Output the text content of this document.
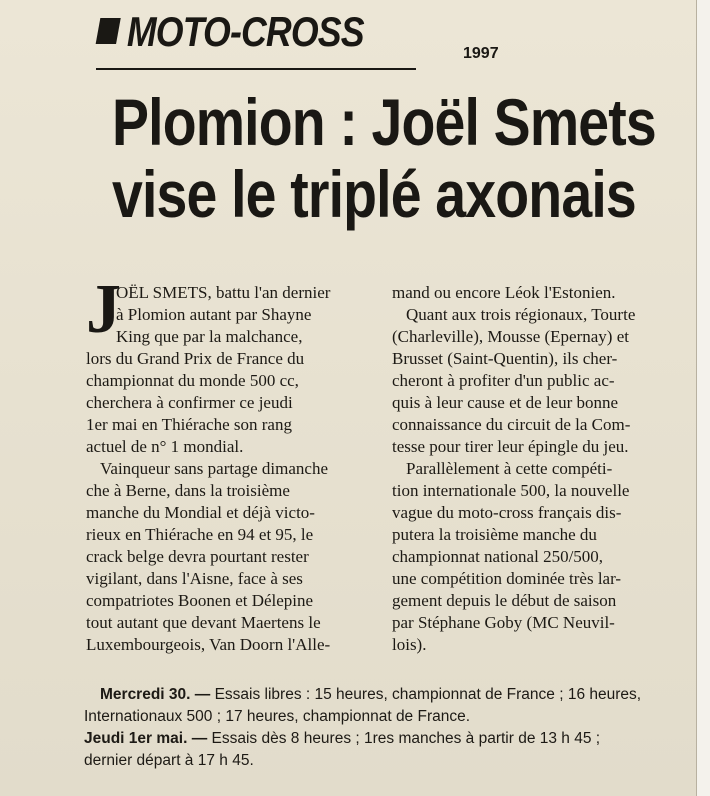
MOTO-CROSS	1997
Plomion : Joël Smets
vise le triplé axonais
J
OËL SMETS, battu l'an dernier
à Plomion autant par Shayne
King que par la malchance,
lors du Grand Prix de France du
championnat du monde 500 cc,
cherchera à confirmer ce jeudi
1er mai en Thiérache son rang
actuel de n° 1 mondial.
Vainqueur sans partage dimanche
che à Berne, dans la troisième
manche du Mondial et déjà victo-
rieux en Thiérache en 94 et 95, le
crack belge devra pourtant rester
vigilant, dans l'Aisne, face à ses
compatriotes Boonen et Délepine
tout autant que devant Maertens le
Luxembourgeois, Van Doorn l'Alle-
mand ou encore Léok l'Estonien.
Quant aux trois régionaux, Tourte
(Charleville), Mousse (Epernay) et
Brusset (Saint-Quentin), ils cher-
cheront à profiter d'un public ac-
quis à leur cause et de leur bonne
connaissance du circuit de la Com-
tesse pour tirer leur épingle du jeu.
Parallèlement à cette compéti-
tion internationale 500, la nouvelle
vague du moto-cross français dis-
putera la troisième manche du
championnat national 250/500,
une compétition dominée très lar-
gement depuis le début de saison
par Stéphane Goby (MC Neuvil-
lois).
Mercredi 30. — Essais libres : 15 heures, championnat de France ; 16 heures,
Internationaux 500 ; 17 heures, championnat de France.
Jeudi 1er mai. — Essais dès 8 heures ; 1res manches à partir de 13 h 45 ;
dernier départ à 17 h 45.
